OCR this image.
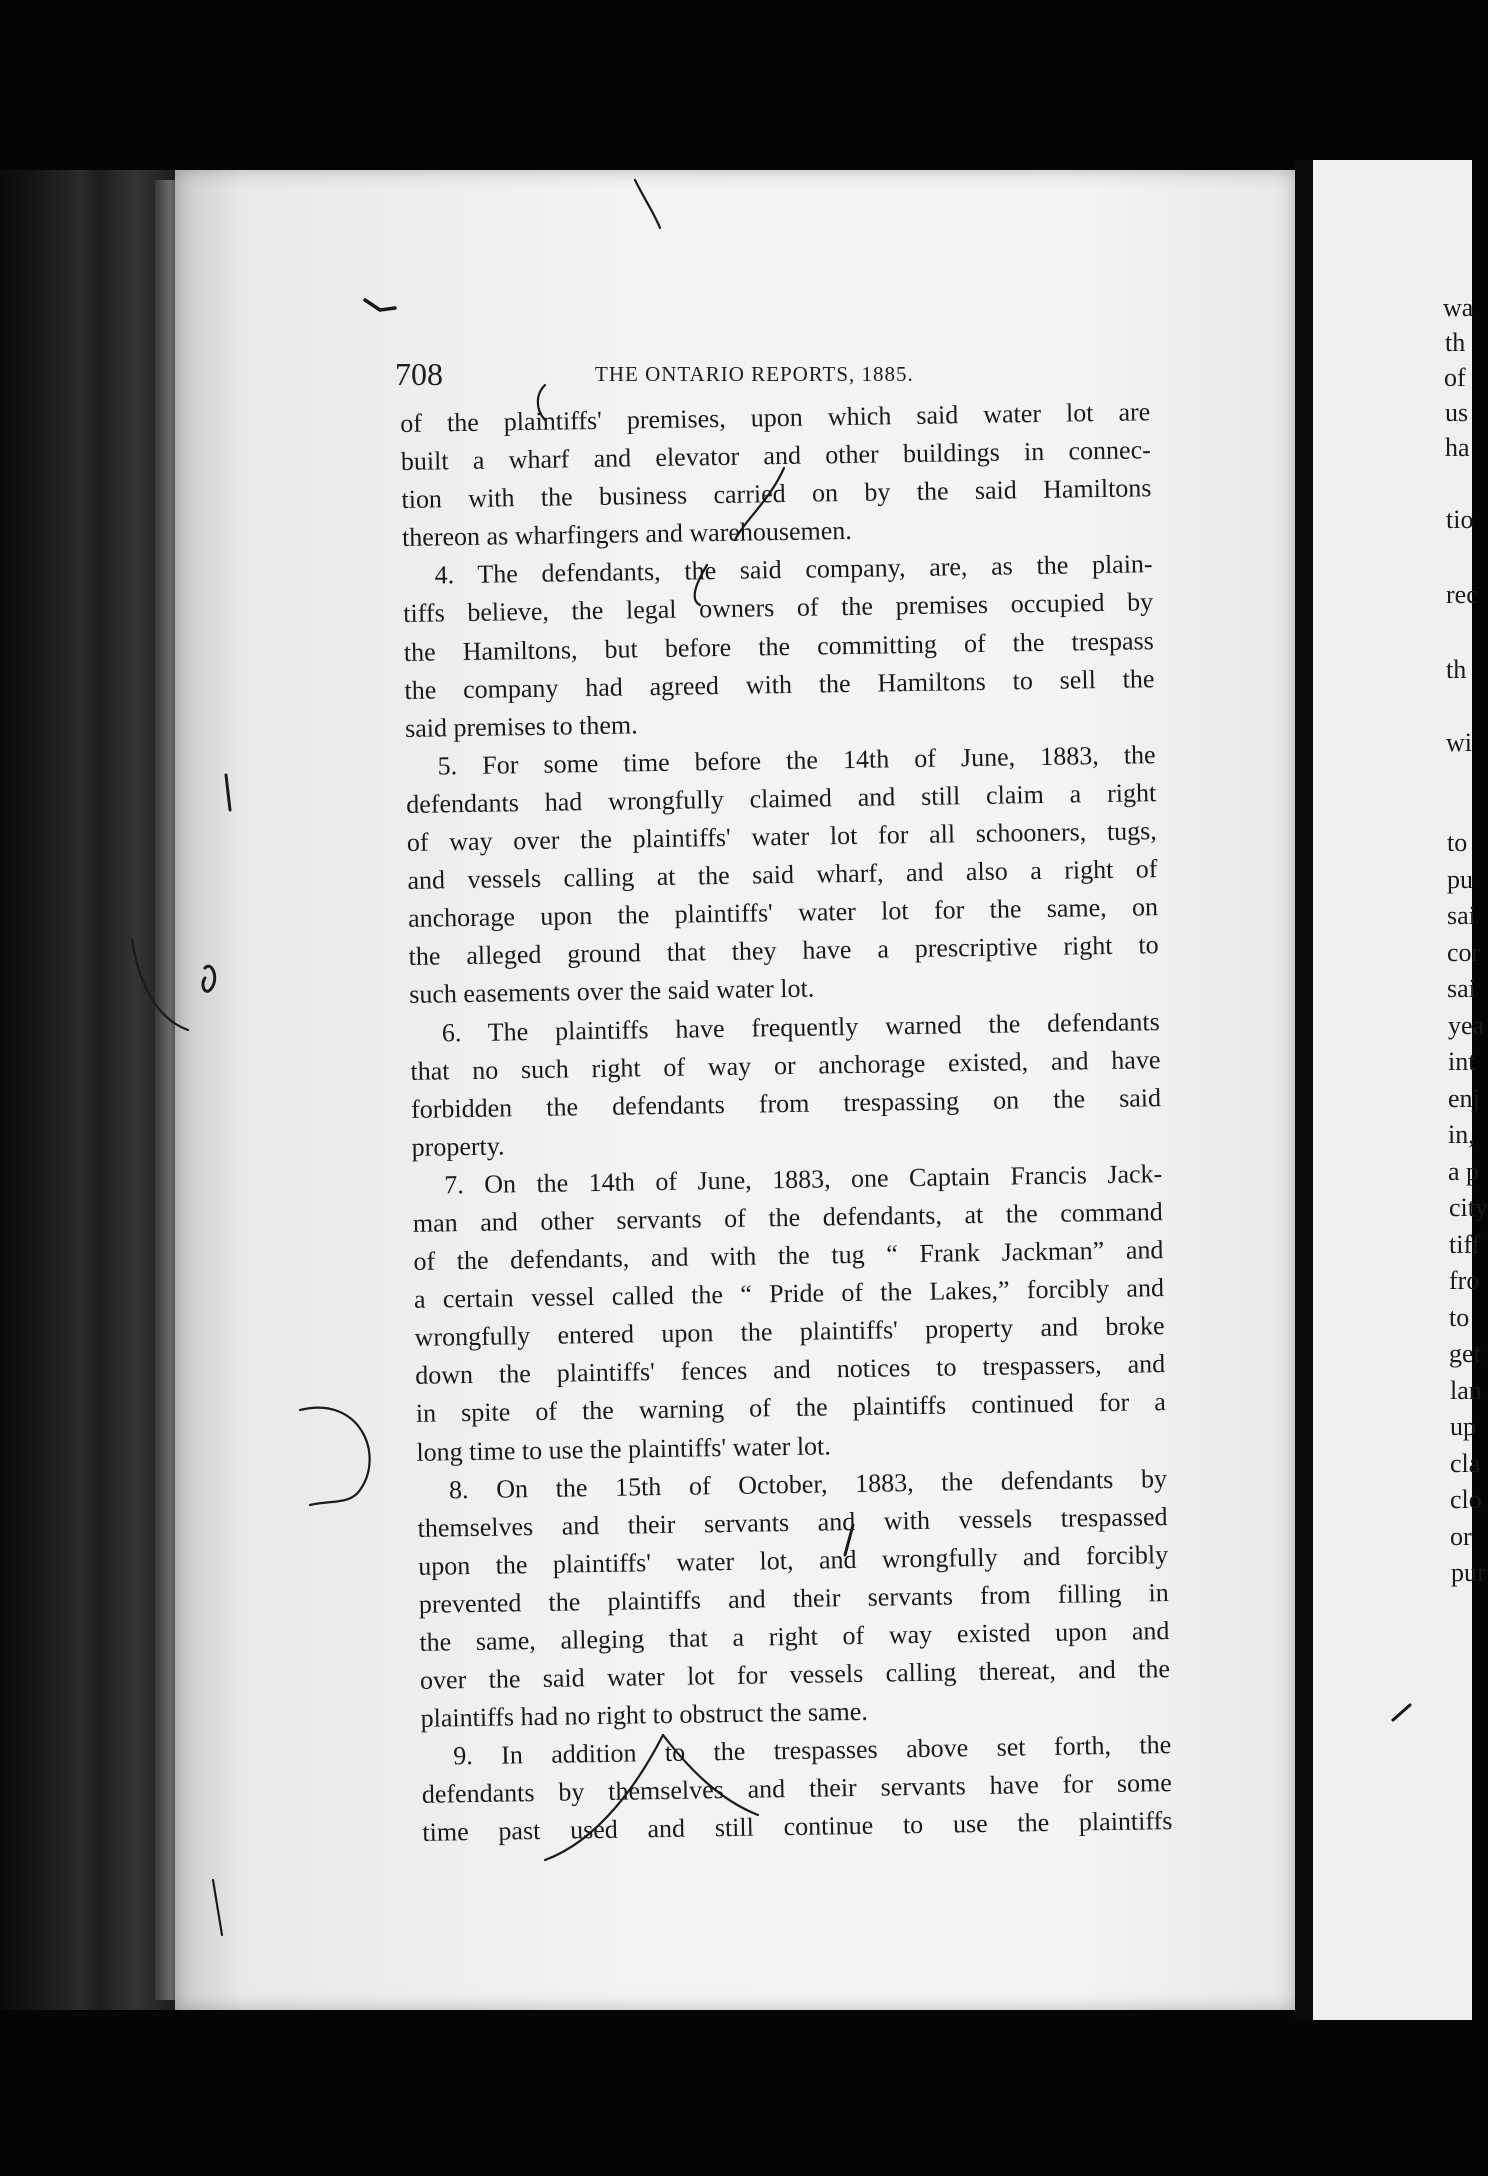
wa

th

of

us

ha

tio

rec

th

wi

to

pu

sai

cor

sai

yea

int

enj

in,

a p

city

tiff

fro

to

get

lan

up

cla

clo

or

pur

708	THE ONTARIO REPORTS, 1885.

of the plaintiffs' premises, upon which said water lot are

built a wharf and elevator and other buildings in connec-

tion with the business carried on by the said Hamiltons

thereon as wharfingers and warehousemen.

4. The defendants, the said company, are, as the plain-

tiffs believe, the legal owners of the premises occupied by

the Hamiltons, but before the committing of the trespass

the company had agreed with the Hamiltons to sell the

said premises to them.

5. For some time before the 14th of June, 1883, the

defendants had wrongfully claimed and still claim a right

of way over the plaintiffs' water lot for all schooners, tugs,

and vessels calling at the said wharf, and also a right of

anchorage upon the plaintiffs' water lot for the same, on

the alleged ground that they have a prescriptive right to

such easements over the said water lot.

6. The plaintiffs have frequently warned the defendants

that no such right of way or anchorage existed, and have

forbidden the defendants from trespassing on the said

property.

7. On the 14th of June, 1883, one Captain Francis Jack-

man and other servants of the defendants, at the command

of the defendants, and with the tug “ Frank Jackman” and

a certain vessel called the “ Pride of the Lakes,” forcibly and

wrongfully entered upon the plaintiffs' property and broke

down the plaintiffs' fences and notices to trespassers, and

in spite of the warning of the plaintiffs continued for a

long time to use the plaintiffs' water lot.

8. On the 15th of October, 1883, the defendants by

themselves and their servants and with vessels trespassed

upon the plaintiffs' water lot, and wrongfully and forcibly

prevented the plaintiffs and their servants from filling in

the same, alleging that a right of way existed upon and

over the said water lot for vessels calling thereat, and the

plaintiffs had no right to obstruct the same.

9. In addition to the trespasses above set forth, the

defendants by themselves and their servants have for some

time past used and still continue to use the plaintiffs
